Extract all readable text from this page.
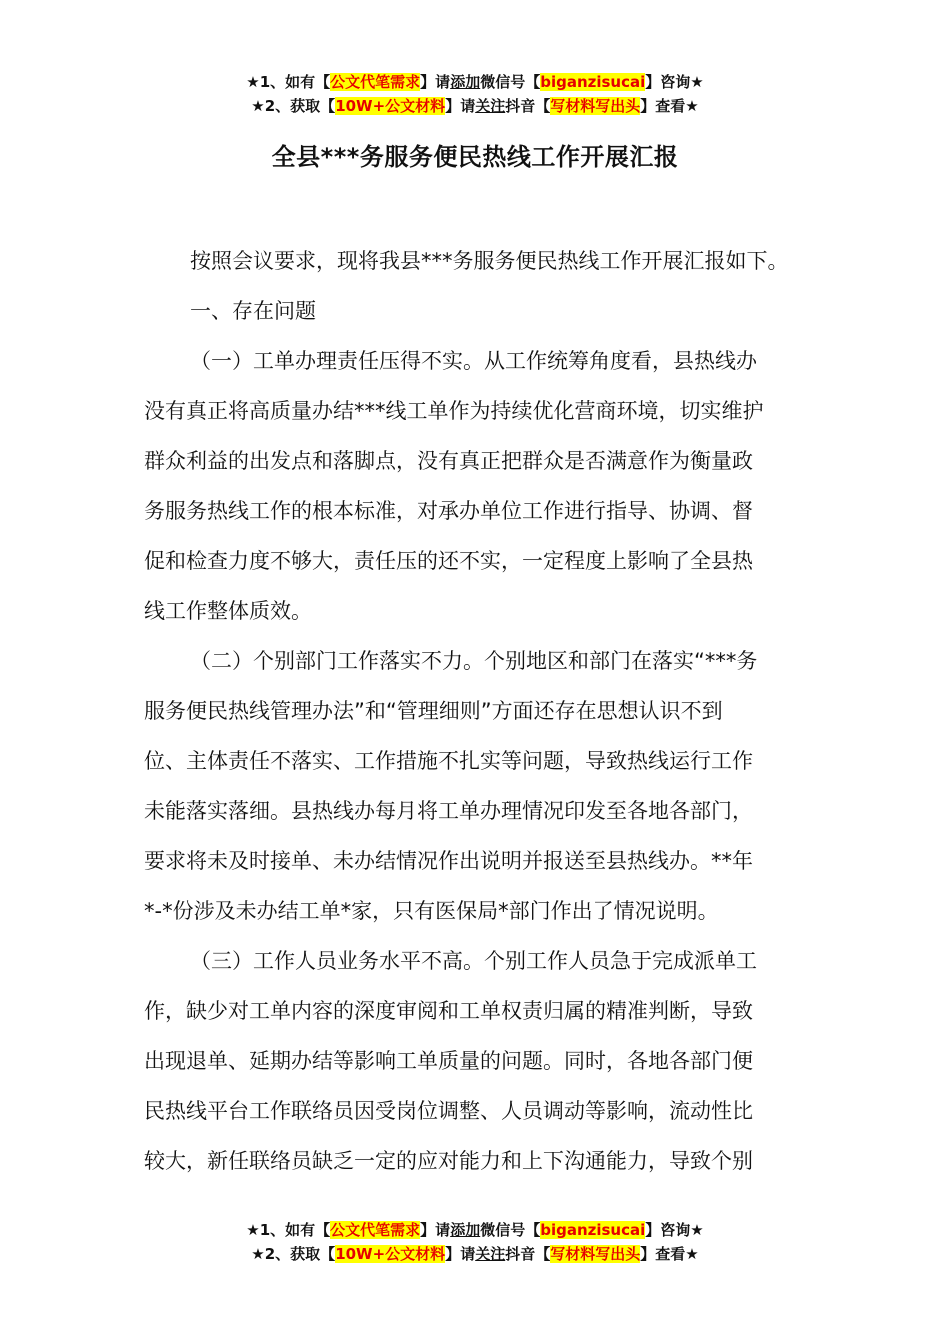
★1、如有【公文代笔需求】请添加微信号【biganzisucai】咨询★
★2、获取【10W+公文材料】请关注抖音【写材料写出头】查看★
全县***务服务便民热线工作开展汇报

按照会议要求，现将我县***务服务便民热线工作开展汇报如下。

一、存在问题

（一）工单办理责任压得不实。从工作统筹角度看，县热线办
没有真正将高质量办结***线工单作为持续优化营商环境，切实维护
群众利益的出发点和落脚点，没有真正把群众是否满意作为衡量政
务服务热线工作的根本标准，对承办单位工作进行指导、协调、督
促和检查力度不够大，责任压的还不实，一定程度上影响了全县热
线工作整体质效。

（二）个别部门工作落实不力。个别地区和部门在落实“***务
服务便民热线管理办法”和“管理细则”方面还存在思想认识不到
位、主体责任不落实、工作措施不扎实等问题，导致热线运行工作
未能落实落细。县热线办每月将工单办理情况印发至各地各部门，
要求将未及时接单、未办结情况作出说明并报送至县热线办。**年
*-*份涉及未办结工单*家，只有医保局*部门作出了情况说明。

（三）工作人员业务水平不高。个别工作人员急于完成派单工
作，缺少对工单内容的深度审阅和工单权责归属的精准判断，导致
出现退单、延期办结等影响工单质量的问题。同时，各地各部门便
民热线平台工作联络员因受岗位调整、人员调动等影响，流动性比
较大，新任联络员缺乏一定的应对能力和上下沟通能力，导致个别

★1、如有【公文代笔需求】请添加微信号【biganzisucai】咨询★
★2、获取【10W+公文材料】请关注抖音【写材料写出头】查看★
